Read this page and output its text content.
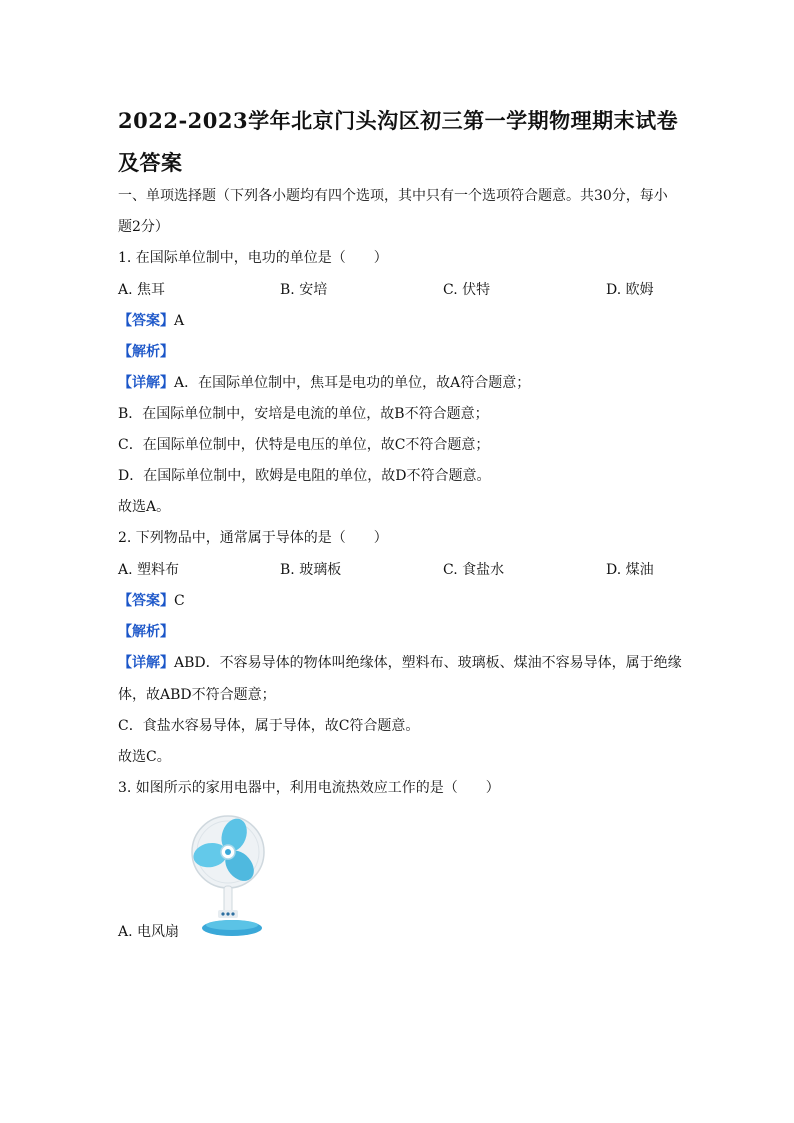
2022-2023学年北京门头沟区初三第一学期物理期末试卷及答案
一、单项选择题（下列各小题均有四个选项，其中只有一个选项符合题意。共30分，每小
题2分）
1. 在国际单位制中，电功的单位是（　　）
A. 焦耳	B. 安培	C. 伏特	D. 欧姆
【答案】A
【解析】
【详解】A．在国际单位制中，焦耳是电功的单位，故A符合题意；
B．在国际单位制中，安培是电流的单位，故B不符合题意；
C．在国际单位制中，伏特是电压的单位，故C不符合题意；
D．在国际单位制中，欧姆是电阻的单位，故D不符合题意。
故选A。
2. 下列物品中，通常属于导体的是（　　）
A. 塑料布	B. 玻璃板	C. 食盐水	D. 煤油
【答案】C
【解析】
【详解】ABD．不容易导体的物体叫绝缘体，塑料布、玻璃板、煤油不容易导体，属于绝缘
体，故ABD不符合题意；
C．食盐水容易导体，属于导体，故C符合题意。
故选C。
3. 如图所示的家用电器中，利用电流热效应工作的是（　　）
A. 电风扇
